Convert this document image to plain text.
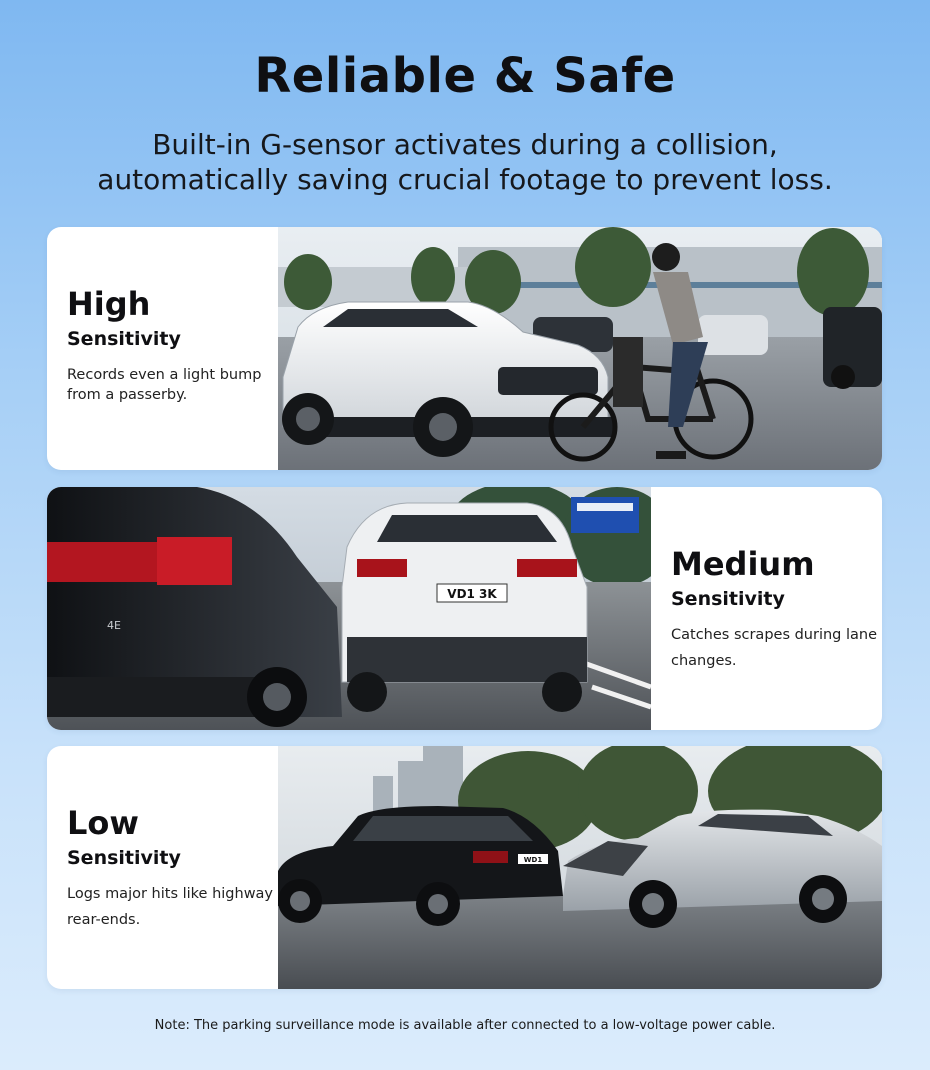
Reliable & Safe
Built-in G-sensor activates during a collision, automatically saving crucial footage to prevent loss.
High
Sensitivity
Records even a light bump from a passerby.
VD1 3K
4E
Medium
Sensitivity
Catches scrapes during lane changes.
Low
Sensitivity
Logs major hits like highway rear-ends.
WD1
Note: The parking surveillance mode is available after connected to a low-voltage power cable.
